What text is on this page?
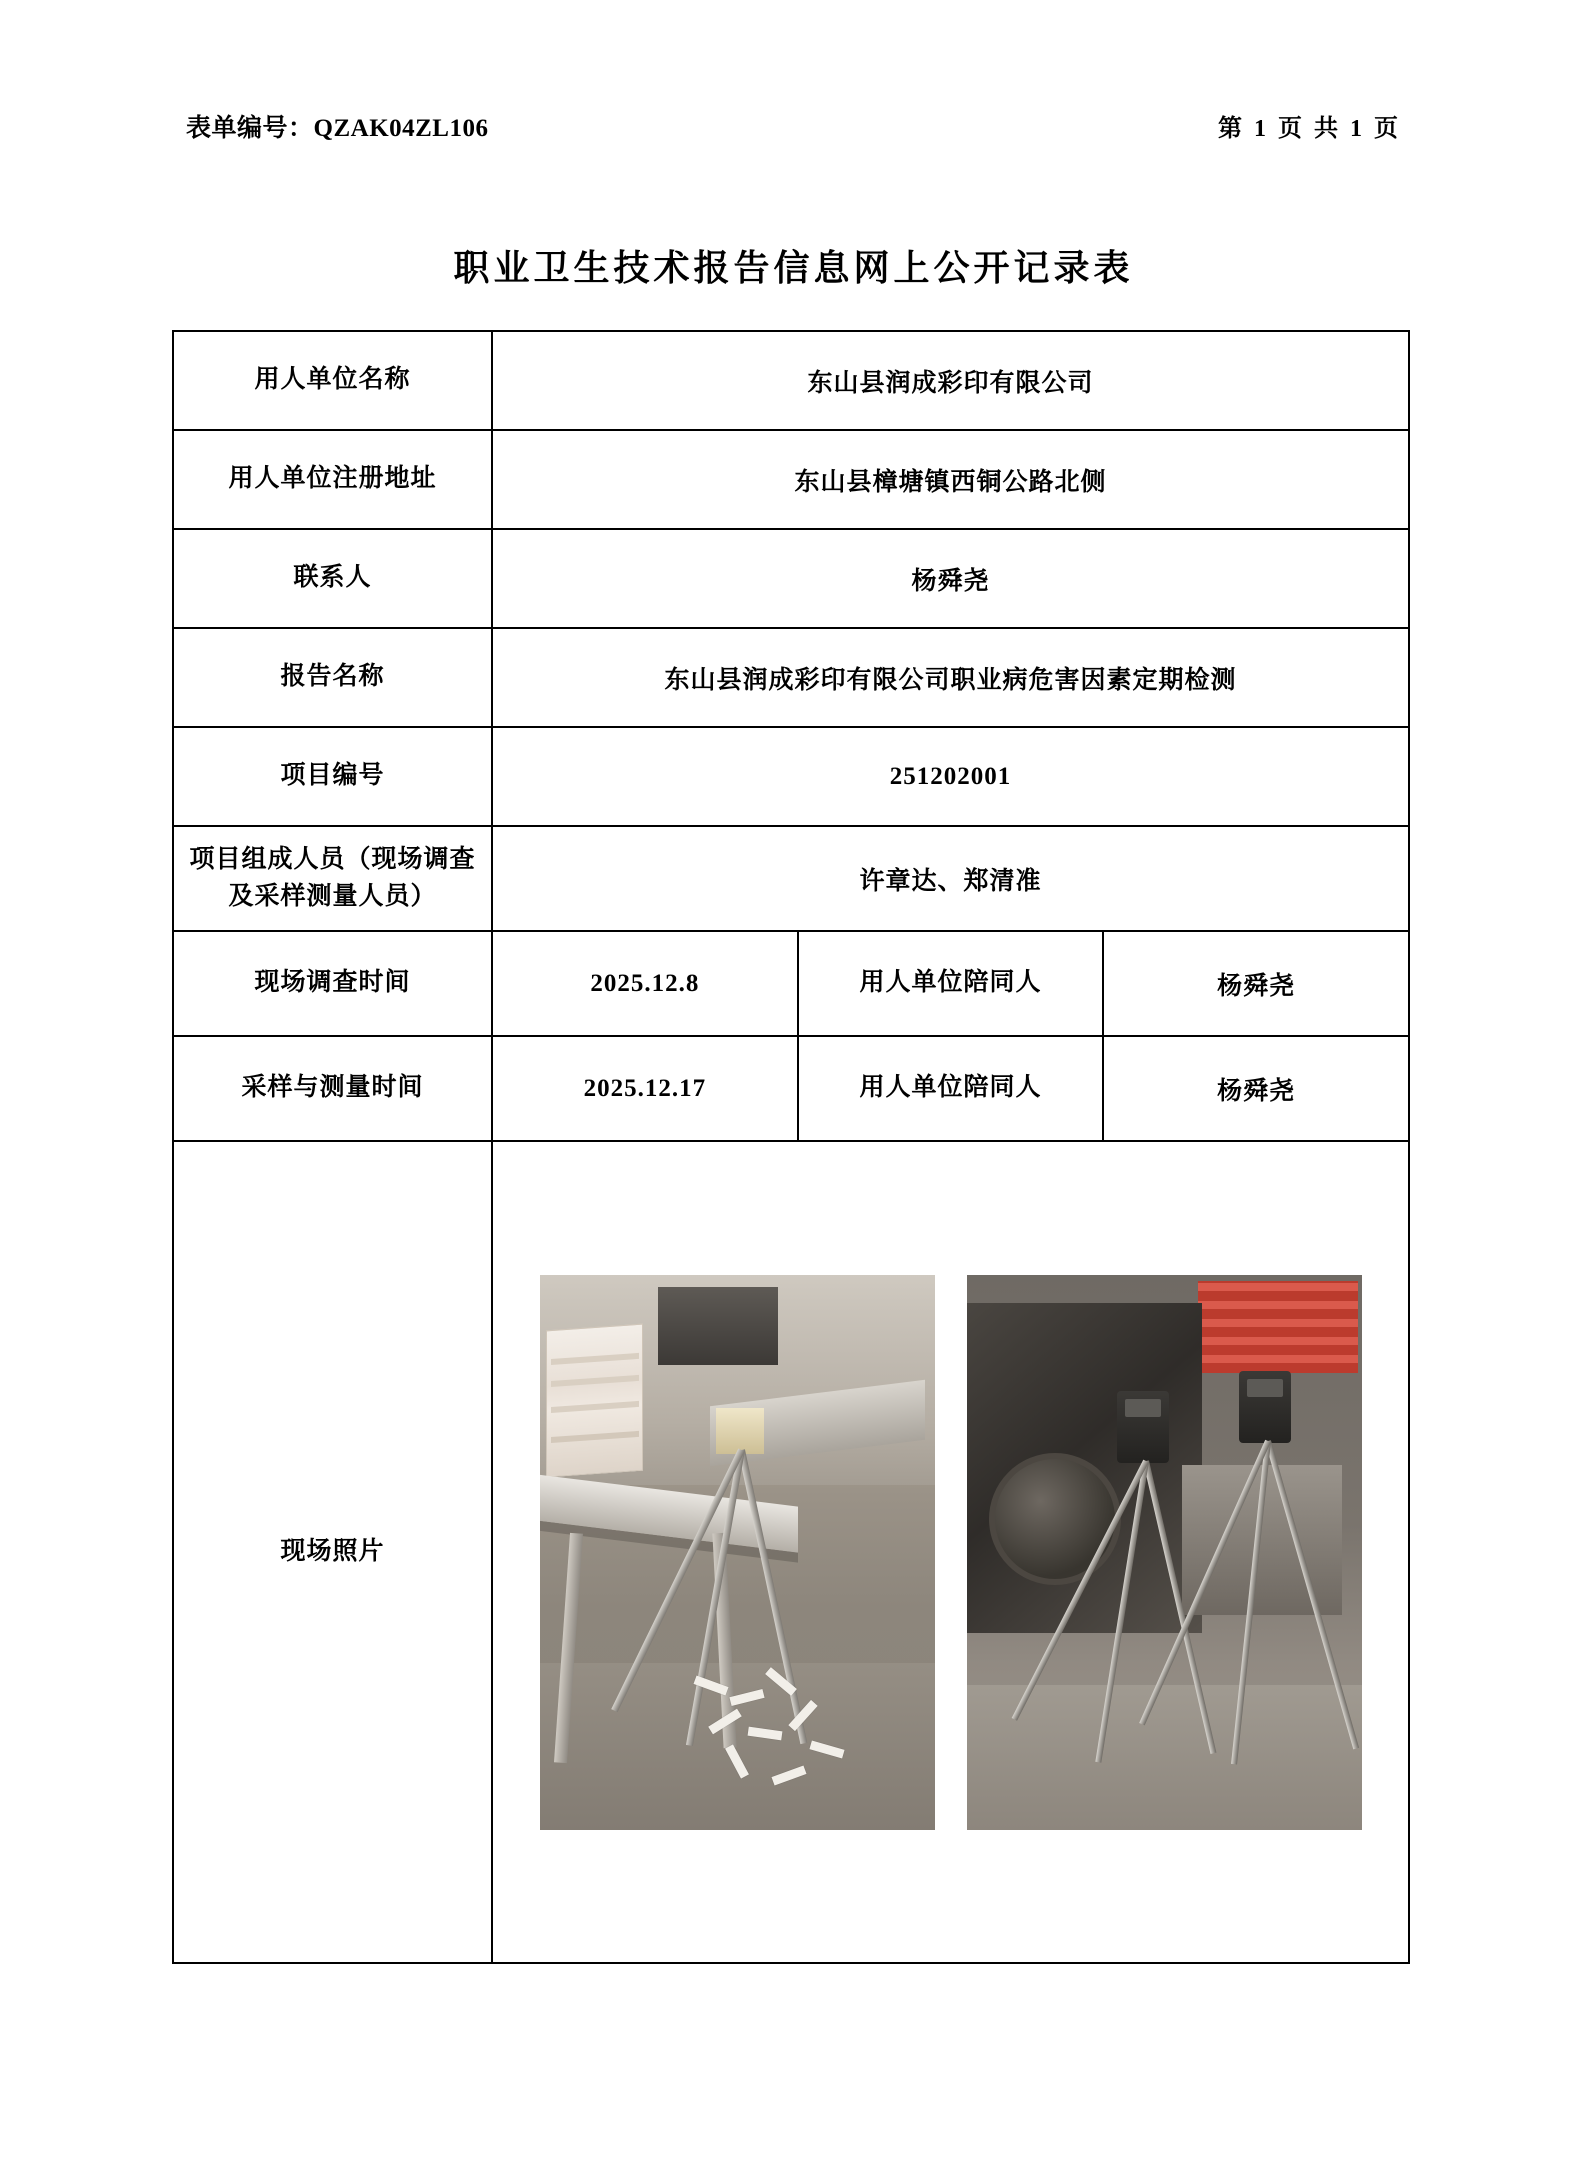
表单编号：QZAK04ZL106	第 1 页 共 1 页
职业卫生技术报告信息网上公开记录表
用人单位名称	东山县润成彩印有限公司		
用人单位注册地址	东山县樟塘镇西铜公路北侧		
联系人	杨舜尧		
报告名称	东山县润成彩印有限公司职业病危害因素定期检测		
项目编号	251202001		
项目组成人员（现场调查及采样测量人员）	许章达、郑清准		
现场调查时间	2025.12.8	用人单位陪同人	杨舜尧
采样与测量时间	2025.12.17	用人单位陪同人	杨舜尧
现场照片			
